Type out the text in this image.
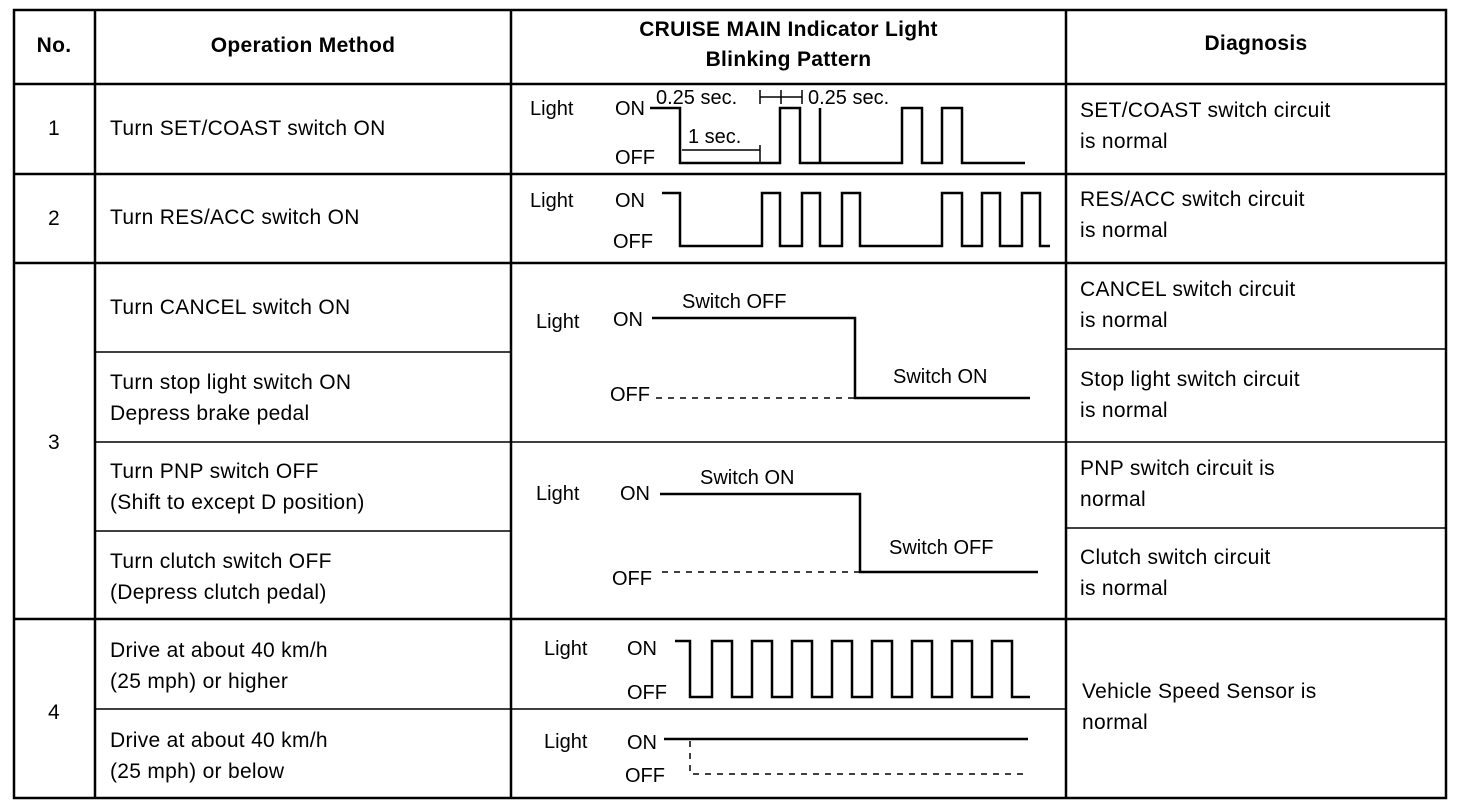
No.	Operation Method
CRUISE MAIN Indicator Light
Blinking Pattern
Diagnosis
1
2
3
4
Turn SET/COAST switch ON
Turn RES/ACC switch ON
Turn CANCEL switch ON
Turn stop light switch ON
Depress brake pedal
Turn PNP switch OFF
(Shift to except D position)
Turn clutch switch OFF
(Depress clutch pedal)
Drive at about 40 km/h
(25 mph) or higher
Drive at about 40 km/h
(25 mph) or below
SET/COAST switch circuit
is normal
RES/ACC switch circuit
is normal
CANCEL switch circuit
is normal
Stop light switch circuit
is normal
PNP switch circuit is
normal
Clutch switch circuit
is normal
Vehicle Speed Sensor is
normal
Light ON
OFF
0.25 sec.	0.25 sec.
1 sec.
Light ON
OFF
Light ON
OFF
Switch OFF
Switch ON
Light ON
OFF
Switch ON
Switch OFF
Light ON
OFF
Light ON
OFF
